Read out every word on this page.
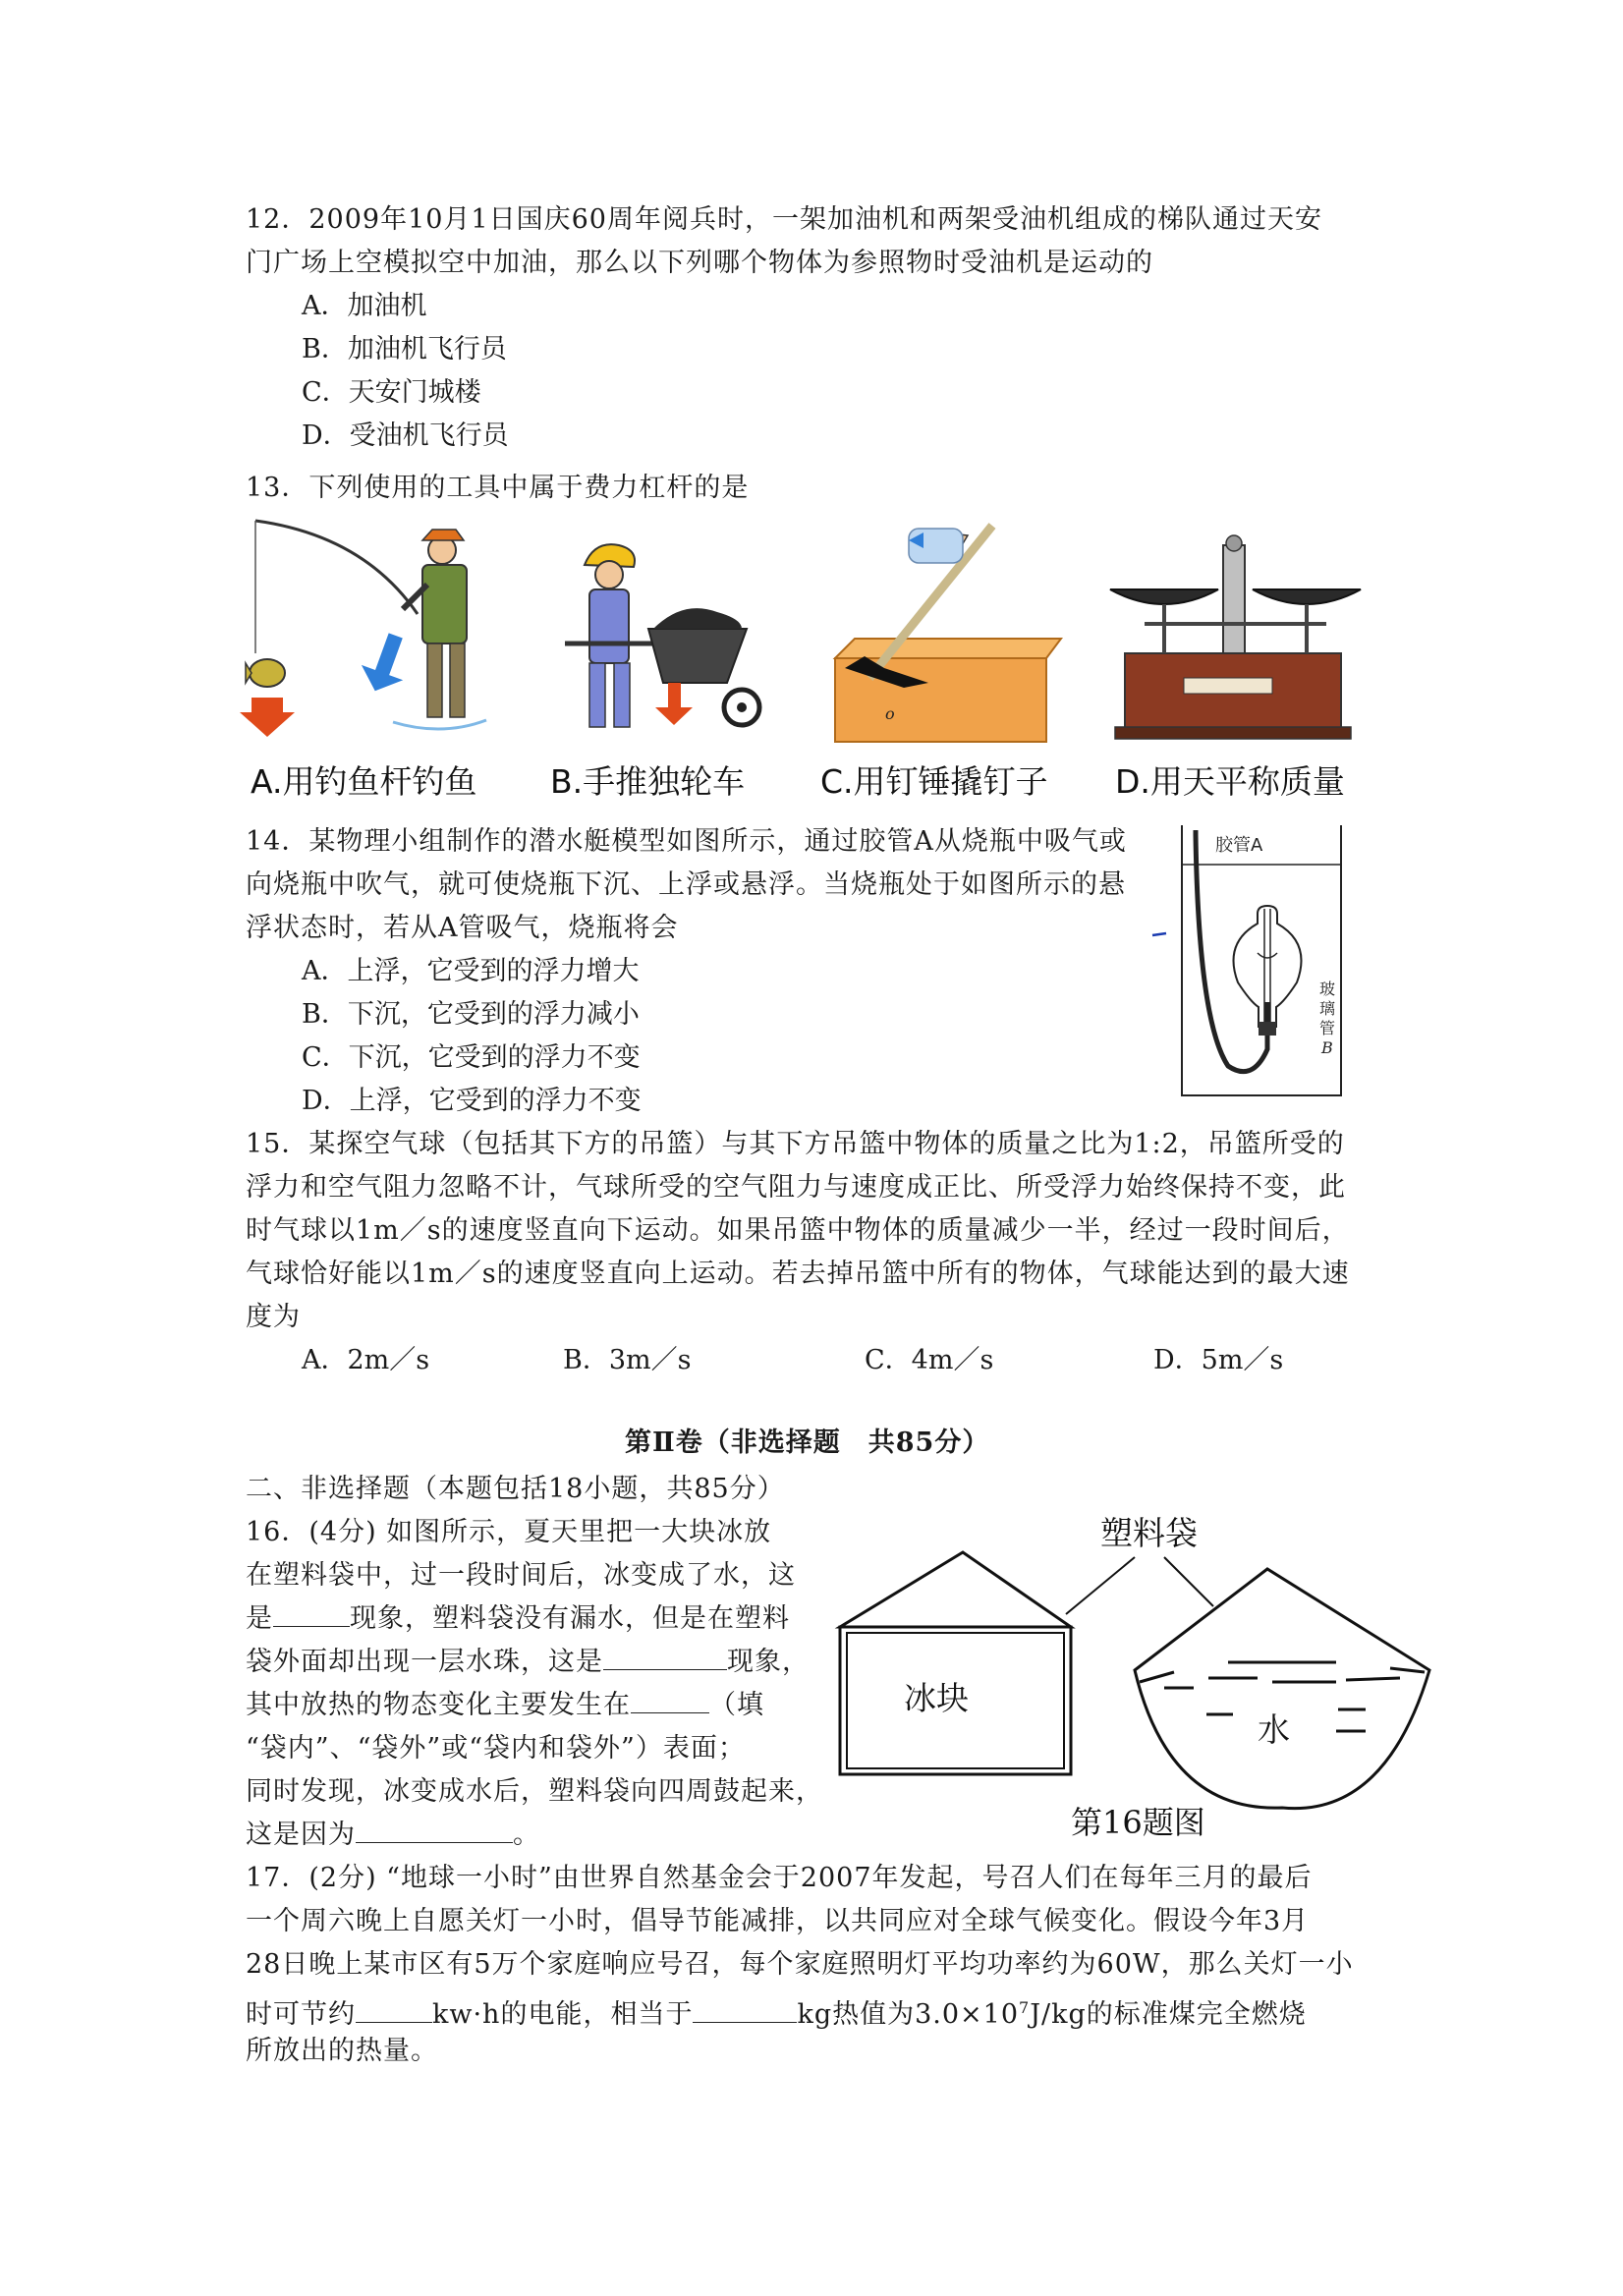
12．2009年10月1日国庆60周年阅兵时，一架加油机和两架受油机组成的梯队通过天安
门广场上空模拟空中加油，那么以下列哪个物体为参照物时受油机是运动的
A．加油机
B．加油机飞行员
C．天安门城楼
D．受油机飞行员
13．下列使用的工具中属于费力杠杆的是
o
A.用钓鱼杆钓鱼 B.手推独轮车 C.用钉锤撬钉子 D.用天平称质量
14．某物理小组制作的潜水艇模型如图所示，通过胶管A从烧瓶中吸气或
向烧瓶中吹气，就可使烧瓶下沉、上浮或悬浮。当烧瓶处于如图所示的悬
浮状态时，若从A管吸气，烧瓶将会
A．上浮，它受到的浮力增大
B．下沉，它受到的浮力减小
C．下沉，它受到的浮力不变
D．上浮，它受到的浮力不变
胶管A
玻
璃
管
B
15．某探空气球（包括其下方的吊篮）与其下方吊篮中物体的质量之比为1:2，吊篮所受的
浮力和空气阻力忽略不计，气球所受的空气阻力与速度成正比、所受浮力始终保持不变，此
时气球以1m／s的速度竖直向下运动。如果吊篮中物体的质量减少一半，经过一段时间后，
气球恰好能以1m／s的速度竖直向上运动。若去掉吊篮中所有的物体，气球能达到的最大速
度为
A．2m／s	B．3m／s	C．4m／s	D．5m／s
第Ⅱ卷（非选择题　共85分）
二、非选择题（本题包括18小题，共85分）
16．(4分) 如图所示，夏天里把一大块冰放
在塑料袋中，过一段时间后，冰变成了水，这
是	现象，塑料袋没有漏水，但是在塑料
袋外面却出现一层水珠，这是	现象，
其中放热的物态变化主要发生在	（填
“袋内”、“袋外”或“袋内和袋外”）表面；
同时发现，冰变成水后，塑料袋向四周鼓起来，
这是因为	。
塑料袋
冰块
水
第16题图
17．(2分) “地球一小时”由世界自然基金会于2007年发起，号召人们在每年三月的最后
一个周六晚上自愿关灯一小时，倡导节能减排，以共同应对全球气候变化。假设今年3月
28日晚上某市区有5万个家庭响应号召，每个家庭照明灯平均功率约为60W，那么关灯一小
时可节约	kw·h的电能，相当于	kg热值为$3.0\times 10^7J/kg$的标准煤完全燃烧
所放出的热量。
